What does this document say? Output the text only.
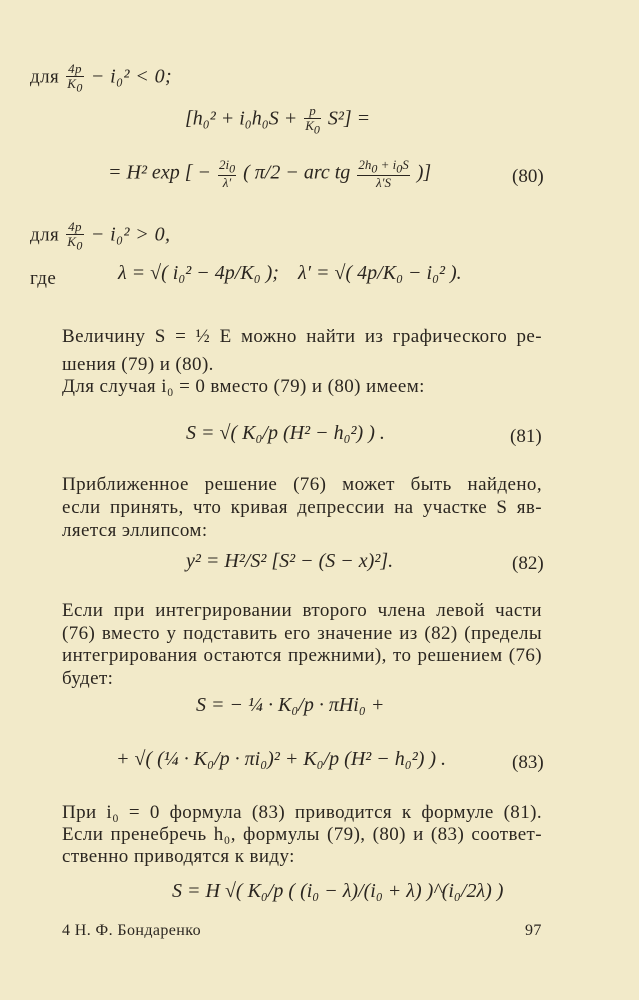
для $\frac{4p}{K_0} - i_0^2 < 0$;
$[h_0^2 + i_0h_0S + \frac{p}{K_0} S^2]$ =
= H² exp [ − $\frac{2i_0}{\lambda'}$ ( π/2 − arc tg $\frac{2h_0 + i_0S}{\lambda'S}$ )]	(80)
для $\frac{4p}{K_0} - i_0^2 > 0$,
где	λ = √( i₀² − 4p/K₀ ); λ′ = √( 4p/K₀ − i₀² ).
Величину S = ½ E можно найти из графического ре-
шения (79) и (80).
Для случая i₀ = 0 вместо (79) и (80) имеем:
S = √( K₀/p (H² − h₀²) ) .	(81)
Приближенное решение (76) может быть найдено,
если принять, что кривая депрессии на участке S яв-
ляется эллипсом:
y² = H²/S² [S² − (S − x)²].	(82)
Если при интегрировании второго члена левой части
(76) вместо y подставить его значение из (82) (пределы
интегрирования остаются прежними), то решением (76)
будет:
S = − ¼ · K₀/p · πHi₀ +
+ √( (¼ · K₀/p · πi₀)² + K₀/p (H² − h₀²) ) .	(83)
При i₀ = 0 формула (83) приводится к формуле (81).
Если пренебречь h₀, формулы (79), (80) и (83) соответ-
ственно приводятся к виду:
S = H √( K₀/p ( (i₀ − λ)/(i₀ + λ) )^(i₀/2λ) )
4 Н. Ф. Бондаренко	97
